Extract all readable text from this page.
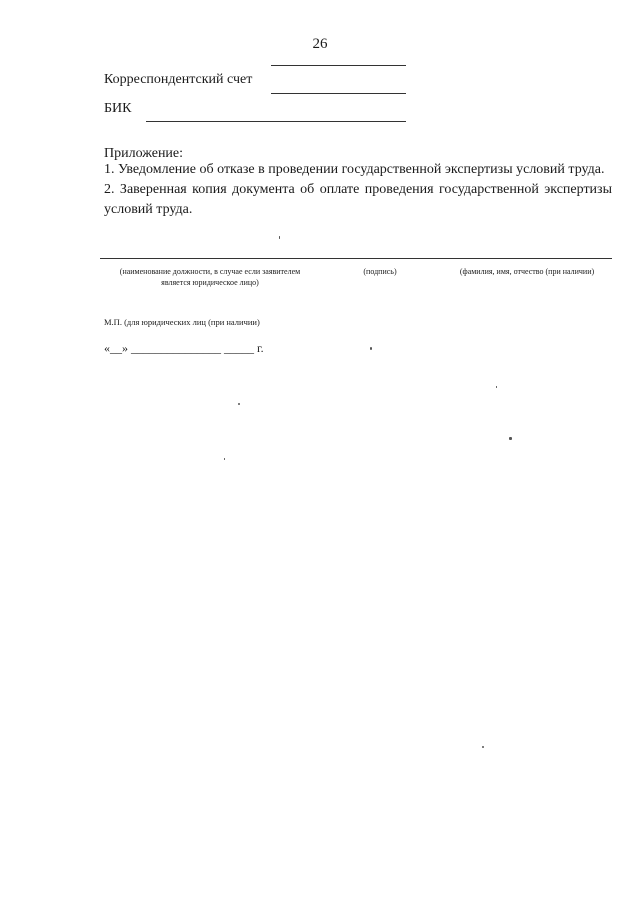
26
Корреспондентский счет
БИК
Приложение:
1. Уведомление об отказе в проведении государственной экспертизы условий труда.
2. Заверенная копия документа об оплате проведения государственной экспертизы условий труда.
(наименование должности, в случае если заявителем
является юридическое лицо)
(подпись)	(фамилия, имя, отчество (при наличии)
М.П. (для юридических лиц (при наличии)
«__» _______________ _____ г.
